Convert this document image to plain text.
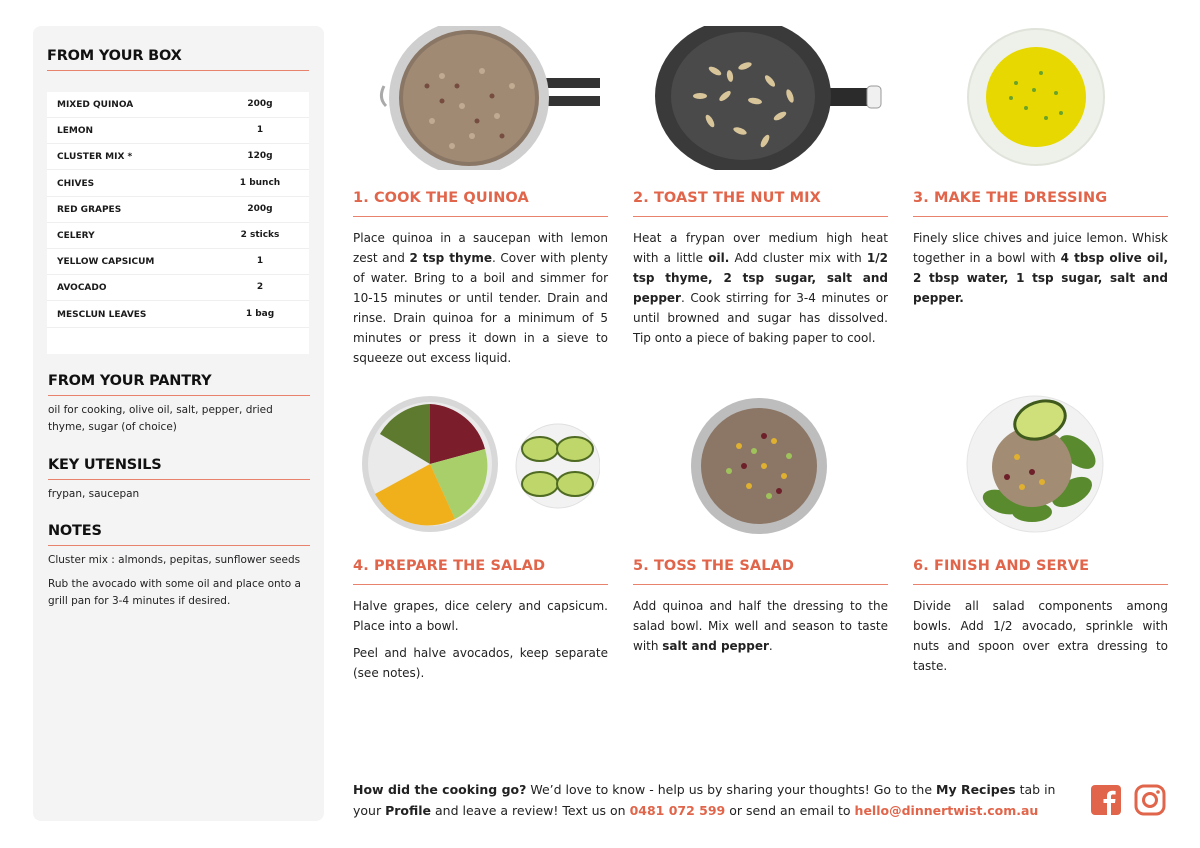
FROM YOUR BOX
MIXED QUINOA	200g
LEMON	1
CLUSTER MIX *	120g
CHIVES	1 bunch
RED GRAPES	200g
CELERY	2 sticks
YELLOW CAPSICUM	1
AVOCADO	2
MESCLUN LEAVES	1 bag
FROM YOUR PANTRY
oil for cooking, olive oil, salt, pepper, dried thyme, sugar (of choice)
KEY UTENSILS
frypan, saucepan
NOTES
Cluster mix : almonds, pepitas, sunflower seeds
Rub the avocado with some oil and place onto a grill pan for 3-4 minutes if desired.
1. COOK THE QUINOA

Place quinoa in a saucepan with lemon zest and 2 tsp thyme. Cover with plenty of water. Bring to a boil and simmer for 10-15 minutes or until tender. Drain and rinse. Drain quinoa for a minimum of 5 minutes or press it down in a sieve to squeeze out excess liquid.

2. TOAST THE NUT MIX

Heat a frypan over medium high heat with a little oil. Add cluster mix with 1/2 tsp thyme, 2 tsp sugar, salt and pepper. Cook stirring for 3-4 minutes or until browned and sugar has dissolved. Tip onto a piece of baking paper to cool.

3. MAKE THE DRESSING

Finely slice chives and juice lemon. Whisk together in a bowl with 4 tbsp olive oil, 2 tbsp water, 1 tsp sugar, salt and pepper.

4. PREPARE THE SALAD

Halve grapes, dice celery and capsicum. Place into a bowl.

Peel and halve avocados, keep separate (see notes).

5. TOSS THE SALAD

Add quinoa and half the dressing to the salad bowl. Mix well and season to taste with salt and pepper.

6. FINISH AND SERVE

Divide all salad components among bowls. Add 1/2 avocado, sprinkle with nuts and spoon over extra dressing to taste.

How did the cooking go? We’d love to know - help us by sharing your thoughts! Go to the My Recipes tab in your Profile and leave a review! Text us on 0481 072 599 or send an email to hello@dinnertwist.com.au
